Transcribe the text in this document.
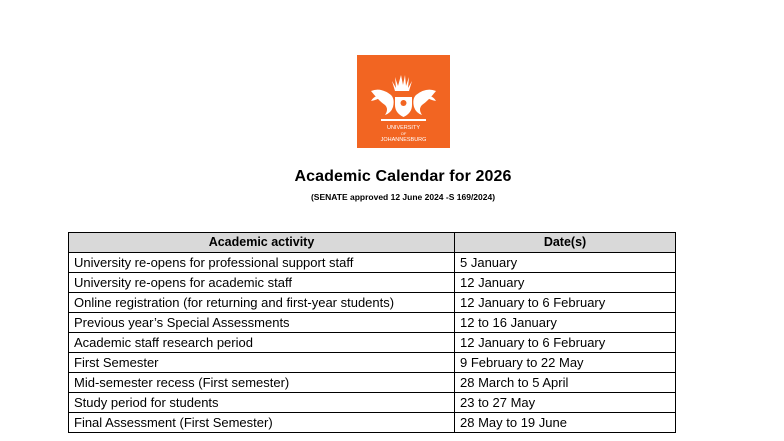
UNIVERSITY
OF
JOHANNESBURG
Academic Calendar for 2026
(SENATE approved 12 June 2024 -S 169/2024)
Academic activity	Date(s)
University re-opens for professional support staff	5 January
University re-opens for academic staff	12 January
Online registration (for returning and first-year students)	12 January to 6 February
Previous year’s Special Assessments	12 to 16 January
Academic staff research period	12 January to 6 February
First Semester	9 February to 22 May
Mid-semester recess (First semester)	28 March to 5 April
Study period for students	23 to 27 May
Final Assessment (First Semester)	28 May to 19 June
